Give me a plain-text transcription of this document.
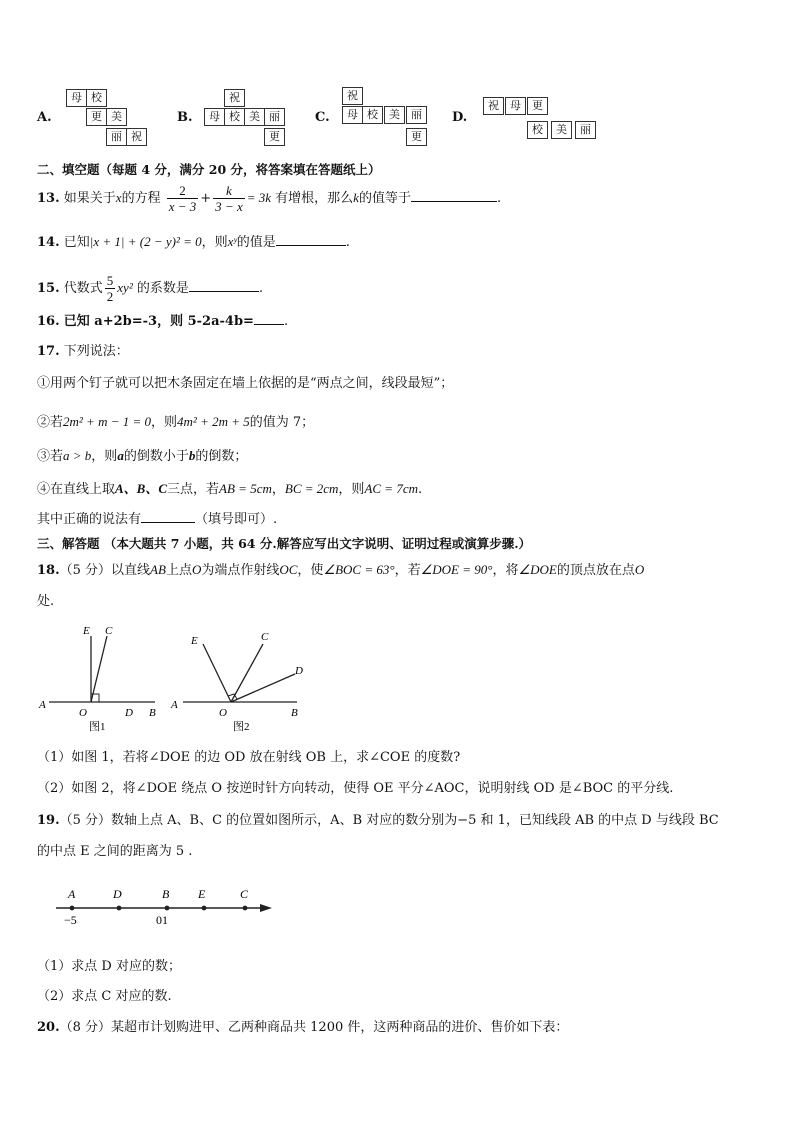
A.
母 校
更 美
丽 祝
B.
祝
母 校 美 丽
更
C.
祝
母 校	美	丽
更
D.
祝	母	更
校	美	丽
二、填空题（每题 4 分，满分 20 分，将答案填在答题纸上）
13. 如果关于x的方程 $\frac{2}{x - 3} + \frac{k}{3 - x} = 3k$ 有增根，那么k的值等于	.
14. 已知|x + 1| + (2 − y)² = 0，则xʸ的值是	.
15. 代数式 $\frac{5}{2} xy^2$ 的系数是	.
16. 已知 a+2b=-3，则 5-2a-4b= .
17. 下列说法：
①用两个钉子就可以把木条固定在墙上依据的是“两点之间，线段最短”；
②若2m² + m − 1 = 0，则4m² + 2m + 5的值为 7；
③若a > b，则a的倒数小于b的倒数；
④在直线上取A、B、C三点，若AB = 5cm，BC = 2cm，则AC = 7cm.
其中正确的说法有	（填号即可）.
三、解答题 （本大题共 7 小题，共 64 分.解答应写出文字说明、证明过程或演算步骤.）
18.（5 分）以直线AB上点O为端点作射线OC，使∠BOC = 63°，若∠DOE = 90°，将∠DOE的顶点放在点O
处.
A
E C
O	D B
图1
A
E	C
D
O	B
图2
（1）如图 1，若将∠DOE 的边 OD 放在射线 OB 上，求∠COE 的度数?
（2）如图 2，将∠DOE 绕点 O 按逆时针方向转动，使得 OE 平分∠AOC，说明射线 OD 是∠BOC 的平分线.
19.（5 分）数轴上点 A、B、C 的位置如图所示，A、B 对应的数分别为−5 和 1，已知线段 AB 的中点 D 与线段 BC
的中点 E 之间的距离为 5 .
A	D	B E	C
−5	01
（1）求点 D 对应的数；
（2）求点 C 对应的数.
20.（8 分）某超市计划购进甲、乙两种商品共 1200 件，这两种商品的进价、售价如下表：
